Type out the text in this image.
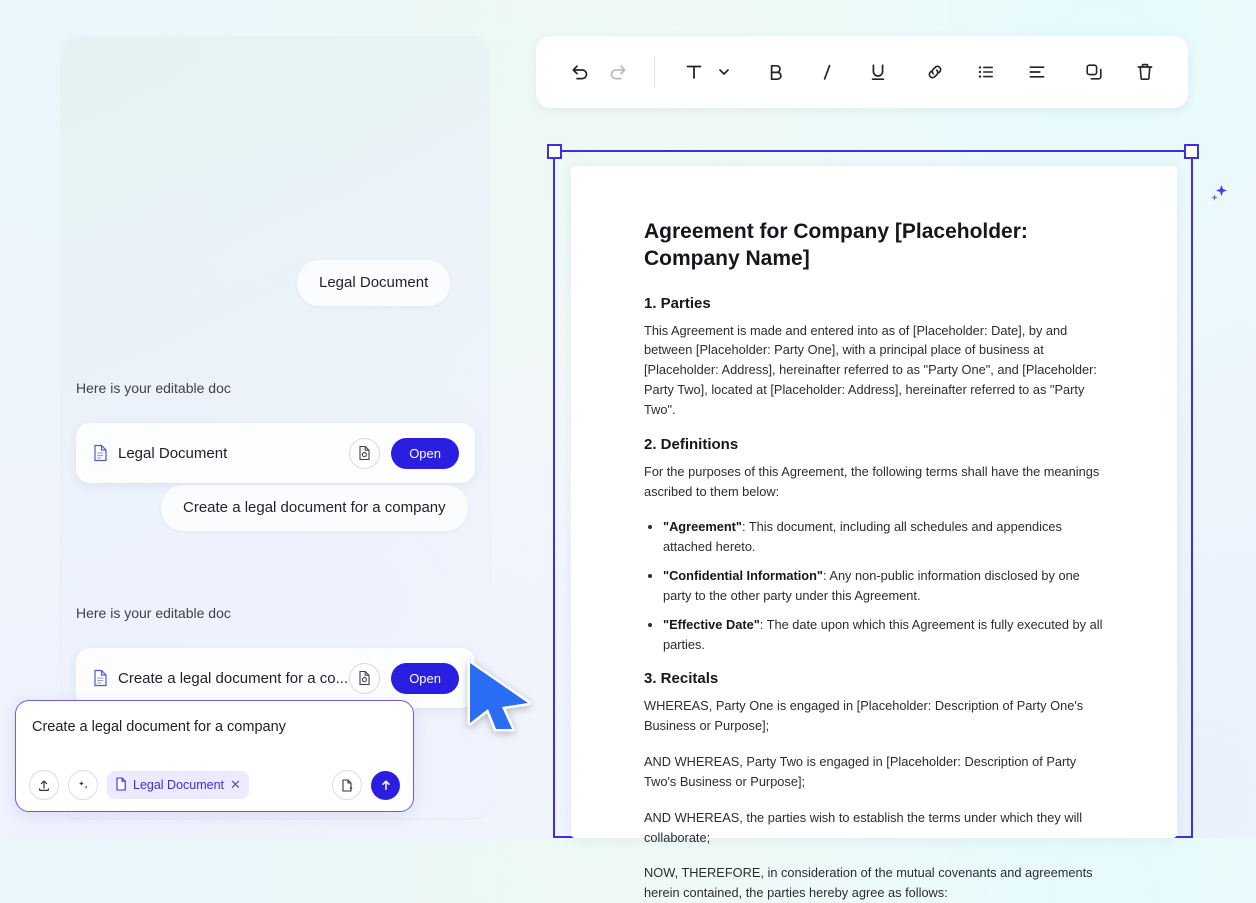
Legal Document
Here is your editable doc
Legal Document	Open
Create a legal document for a company
Here is your editable doc
Create a legal document for a co...	Open
Create a legal document for a company
Legal Document ✕
Agreement for Company [Placeholder: Company Name]
1. Parties

This Agreement is made and entered into as of [Placeholder: Date], by and between [Placeholder: Party One], with a principal place of business at [Placeholder: Address], hereinafter referred to as "Party One", and [Placeholder: Party Two], located at [Placeholder: Address], hereinafter referred to as "Party Two".

2. Definitions

For the purposes of this Agreement, the following terms shall have the meanings ascribed to them below:

• "Agreement": This document, including all schedules and appendices attached hereto.
• "Confidential Information": Any non-public information disclosed by one party to the other party under this Agreement.
• "Effective Date": The date upon which this Agreement is fully executed by all parties.
3. Recitals

WHEREAS, Party One is engaged in [Placeholder: Description of Party One's Business or Purpose];

AND WHEREAS, Party Two is engaged in [Placeholder: Description of Party Two's Business or Purpose];

AND WHEREAS, the parties wish to establish the terms under which they will collaborate;

NOW, THEREFORE, in consideration of the mutual covenants and agreements herein contained, the parties hereby agree as follows:
